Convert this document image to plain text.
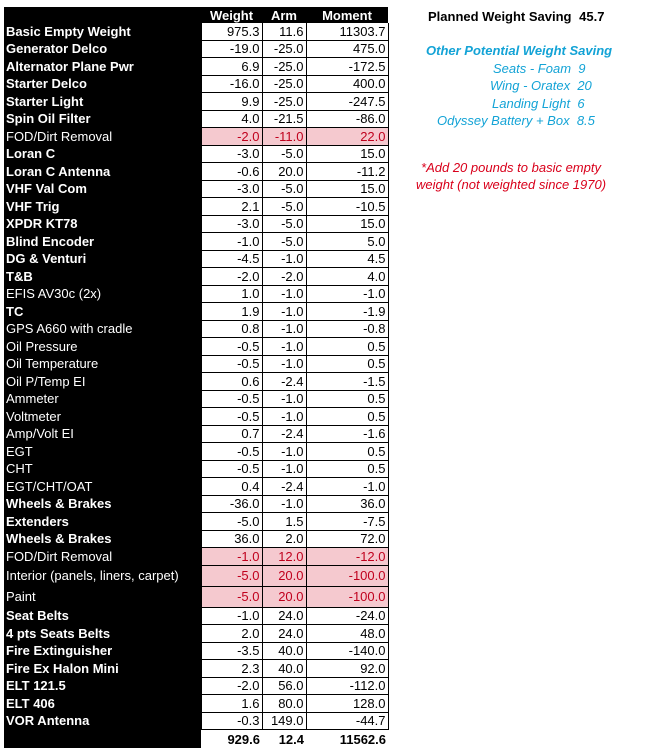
	Weight	Arm	Moment
Basic Empty Weight	975.3	11.6	11303.7
Generator Delco	-19.0	-25.0	475.0
Alternator Plane Pwr	6.9	-25.0	-172.5
Starter Delco	-16.0	-25.0	400.0
Starter Light	9.9	-25.0	-247.5
Spin Oil Filter	4.0	-21.5	-86.0
FOD/Dirt Removal	-2.0	-11.0	22.0
Loran C	-3.0	-5.0	15.0
Loran C Antenna	-0.6	20.0	-11.2
VHF Val Com	-3.0	-5.0	15.0
VHF Trig	2.1	-5.0	-10.5
XPDR KT78	-3.0	-5.0	15.0
Blind Encoder	-1.0	-5.0	5.0
DG & Venturi	-4.5	-1.0	4.5
T&B	-2.0	-2.0	4.0
EFIS AV30c (2x)	1.0	-1.0	-1.0
TC	1.9	-1.0	-1.9
GPS A660 with cradle	0.8	-1.0	-0.8
Oil Pressure	-0.5	-1.0	0.5
Oil Temperature	-0.5	-1.0	0.5
Oil P/Temp EI	0.6	-2.4	-1.5
Ammeter	-0.5	-1.0	0.5
Voltmeter	-0.5	-1.0	0.5
Amp/Volt EI	0.7	-2.4	-1.6
EGT	-0.5	-1.0	0.5
CHT	-0.5	-1.0	0.5
EGT/CHT/OAT	0.4	-2.4	-1.0
Wheels & Brakes	-36.0	-1.0	36.0
Extenders	-5.0	1.5	-7.5
Wheels & Brakes	36.0	2.0	72.0
FOD/Dirt Removal	-1.0	12.0	-12.0
Interior (panels, liners, carpet)	-5.0	20.0	-100.0
Paint	-5.0	20.0	-100.0
Seat Belts	-1.0	24.0	-24.0
4 pts Seats Belts	2.0	24.0	48.0
Fire Extinguisher	-3.5	40.0	-140.0
Fire Ex Halon Mini	2.3	40.0	92.0
ELT 121.5	-2.0	56.0	-112.0
ELT 406	1.6	80.0	128.0
VOR Antenna	-0.3	149.0	-44.7
	929.6	12.4	11562.6
Planned Weight Saving 45.7
Other Potential Weight Saving
Seats - Foam 9
Wing - Oratex 20
Landing Light 6
Odyssey Battery + Box 8.5
*Add 20 pounds to basic empty weight (not weighted since 1970)
